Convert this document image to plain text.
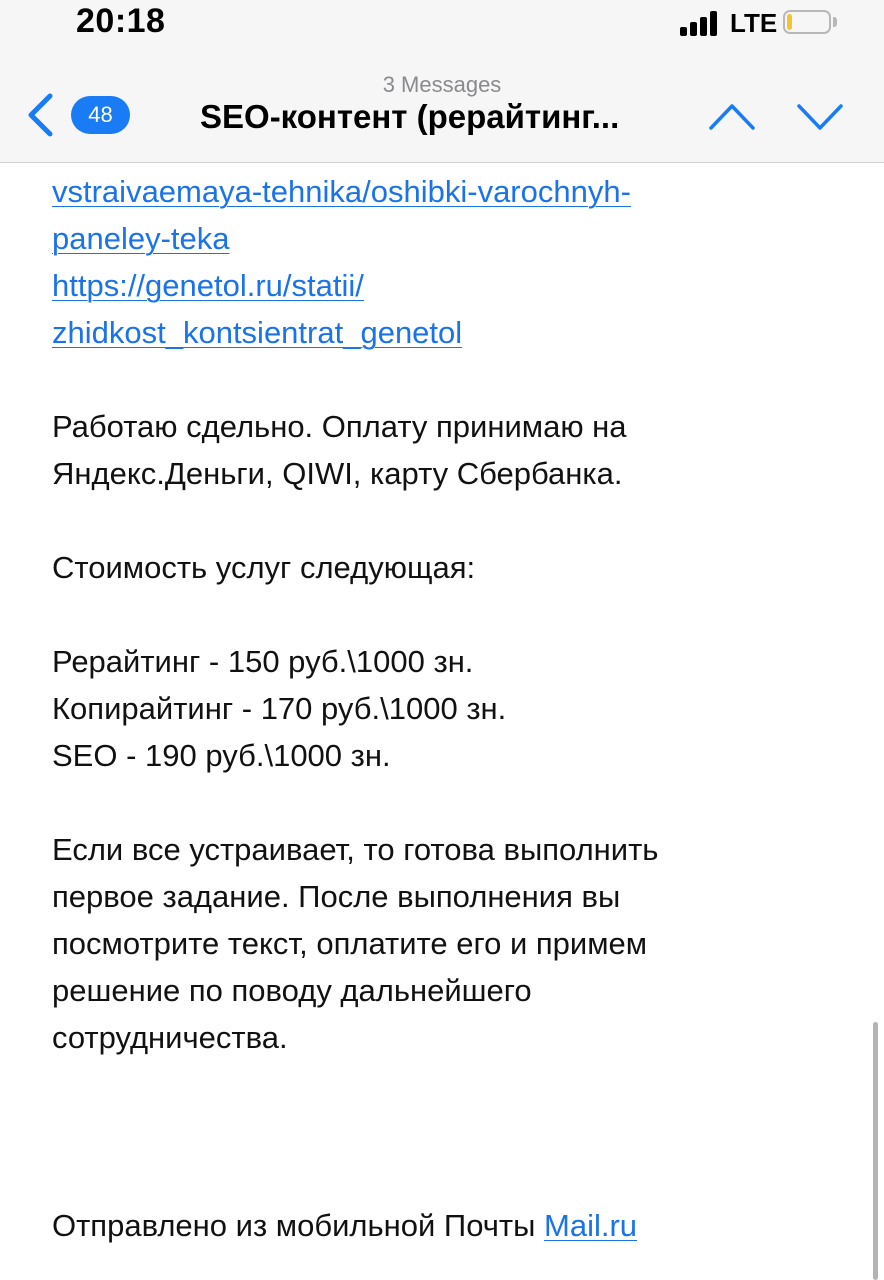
20:18	LTE
3 Messages
48	SEO-контент (рерайтинг...

vstraivaemaya-tehnika/oshibki-varochnyh-

paneley-teka

https://genetol.ru/statii/

zhidkost_kontsientrat_genetol

Работаю сдельно. Оплату принимаю на

Яндекс.Деньги, QIWI, карту Сбербанка.

Стоимость услуг следующая:

Рерайтинг - 150 руб.\1000 зн.

Копирайтинг - 170 руб.\1000 зн.

SEO - 190 руб.\1000 зн.

Если все устраивает, то готова выполнить

первое задание. После выполнения вы

посмотрите текст, оплатите его и примем

решение по поводу дальнейшего

сотрудничества.

Отправлено из мобильной Почты Mail.ru
